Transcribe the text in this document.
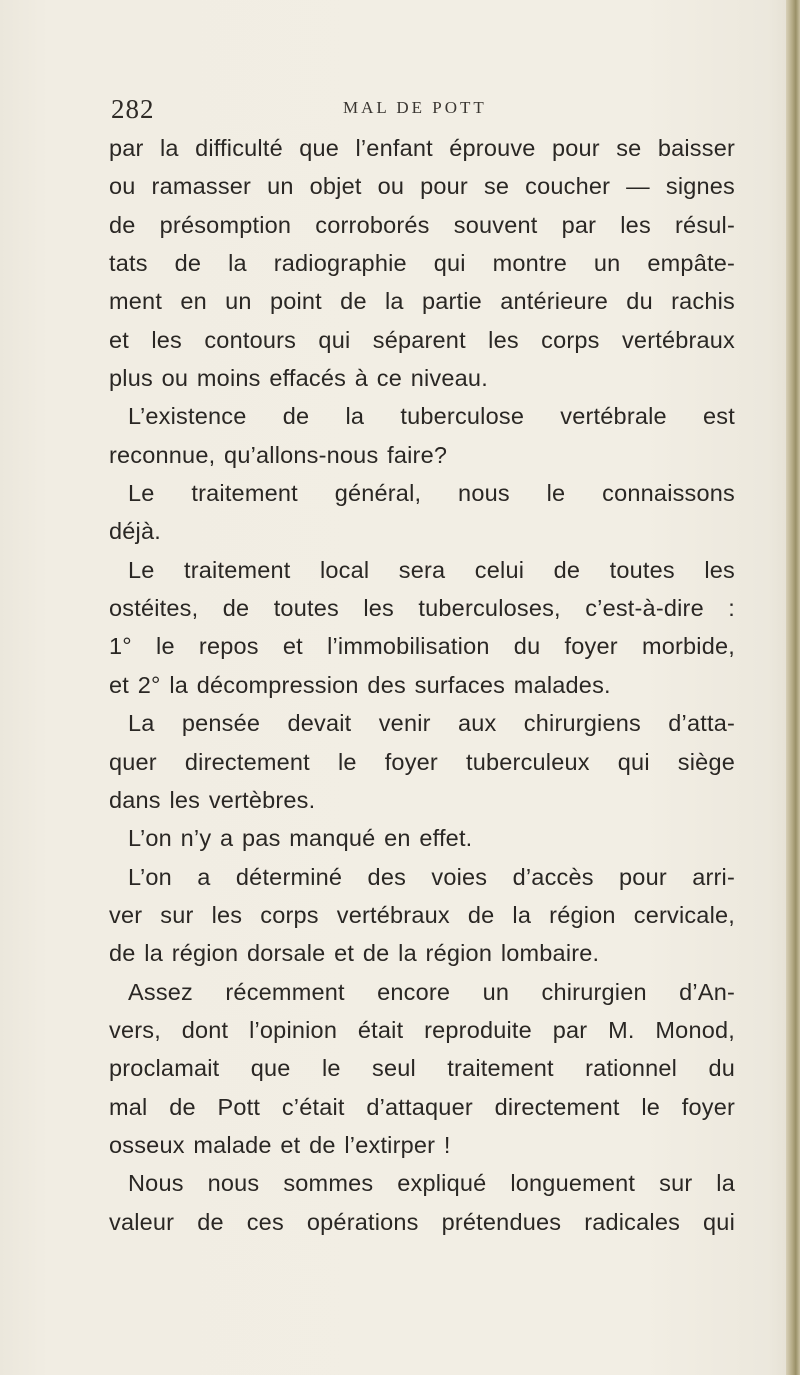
282	MAL DE POTT
par la difficulté que l’enfant éprouve pour se baisser
ou ramasser un objet ou pour se coucher — signes
de présomption corroborés souvent par les résul-
tats de la radiographie qui montre un empâte-
ment en un point de la partie antérieure du rachis
et les contours qui séparent les corps vertébraux
plus ou moins effacés à ce niveau.
L’existence de la tuberculose vertébrale est
reconnue, qu’allons-nous faire?
Le traitement général, nous le connaissons
déjà.
Le traitement local sera celui de toutes les
ostéites, de toutes les tuberculoses, c’est-à-dire :
1° le repos et l’immobilisation du foyer morbide,
et 2° la décompression des surfaces malades.
La pensée devait venir aux chirurgiens d’atta-
quer directement le foyer tuberculeux qui siège
dans les vertèbres.
L’on n’y a pas manqué en effet.
L’on a déterminé des voies d’accès pour arri-
ver sur les corps vertébraux de la région cervicale,
de la région dorsale et de la région lombaire.
Assez récemment encore un chirurgien d’An-
vers, dont l’opinion était reproduite par M. Monod,
proclamait que le seul traitement rationnel du
mal de Pott c’était d’attaquer directement le foyer
osseux malade et de l’extirper !
Nous nous sommes expliqué longuement sur la
valeur de ces opérations prétendues radicales qui
